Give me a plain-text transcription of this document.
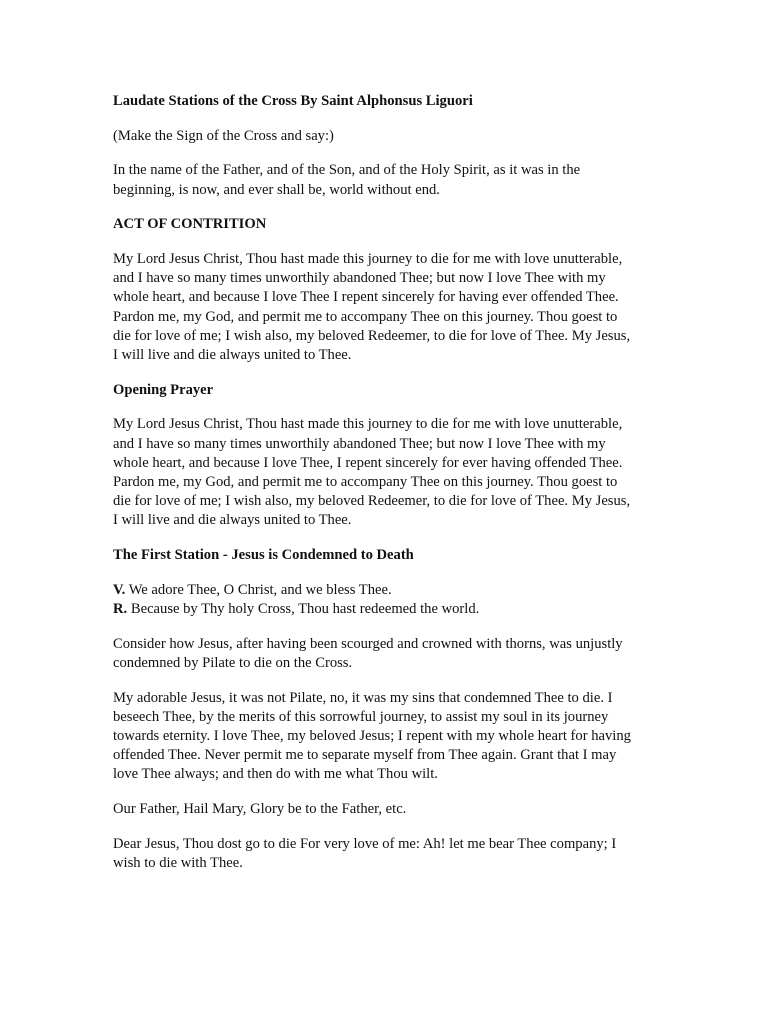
Laudate Stations of the Cross By Saint Alphonsus Liguori
(Make the Sign of the Cross and say:)
In the name of the Father, and of the Son, and of the Holy Spirit, as it was in the
beginning, is now, and ever shall be, world without end.
ACT OF CONTRITION
My Lord Jesus Christ, Thou hast made this journey to die for me with love unutterable,
and I have so many times unworthily abandoned Thee; but now I love Thee with my
whole heart, and because I love Thee I repent sincerely for having ever offended Thee.
Pardon me, my God, and permit me to accompany Thee on this journey. Thou goest to
die for love of me; I wish also, my beloved Redeemer, to die for love of Thee. My Jesus,
I will live and die always united to Thee.
Opening Prayer
My Lord Jesus Christ, Thou hast made this journey to die for me with love unutterable,
and I have so many times unworthily abandoned Thee; but now I love Thee with my
whole heart, and because I love Thee, I repent sincerely for ever having offended Thee.
Pardon me, my God, and permit me to accompany Thee on this journey. Thou goest to
die for love of me; I wish also, my beloved Redeemer, to die for love of Thee. My Jesus,
I will live and die always united to Thee.
The First Station - Jesus is Condemned to Death
V. We adore Thee, O Christ, and we bless Thee.
R. Because by Thy holy Cross, Thou hast redeemed the world.
Consider how Jesus, after having been scourged and crowned with thorns, was unjustly
condemned by Pilate to die on the Cross.
My adorable Jesus, it was not Pilate, no, it was my sins that condemned Thee to die. I
beseech Thee, by the merits of this sorrowful journey, to assist my soul in its journey
towards eternity. I love Thee, my beloved Jesus; I repent with my whole heart for having
offended Thee. Never permit me to separate myself from Thee again. Grant that I may
love Thee always; and then do with me what Thou wilt.
Our Father, Hail Mary, Glory be to the Father, etc.
Dear Jesus, Thou dost go to die For very love of me: Ah! let me bear Thee company; I
wish to die with Thee.
